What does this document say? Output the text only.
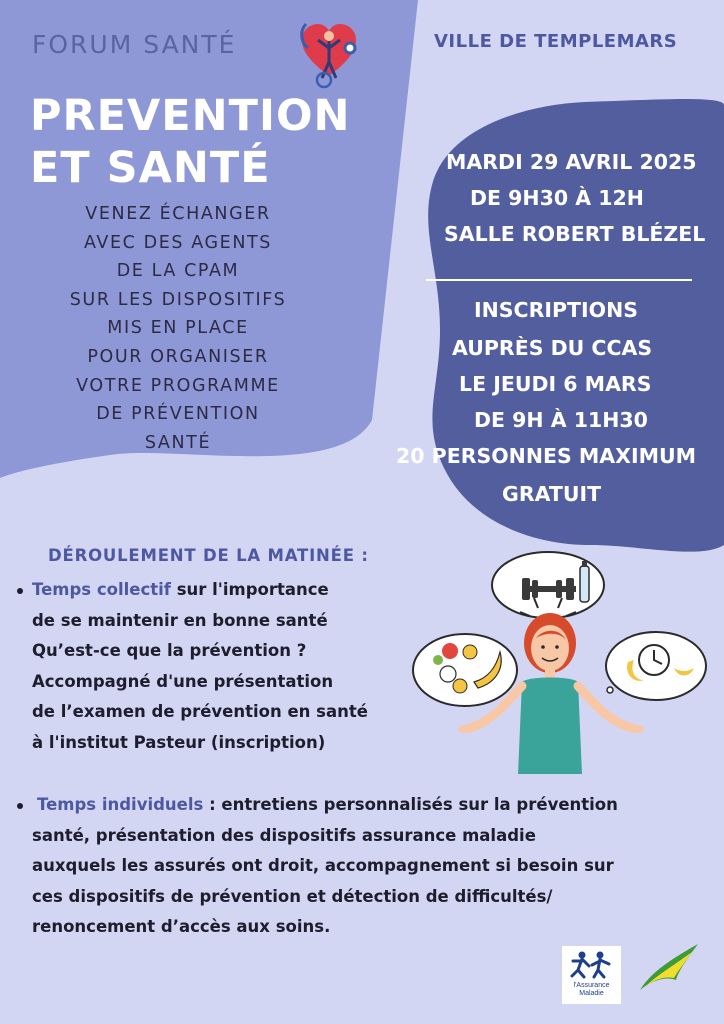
FORUM SANTÉ	VILLE DE TEMPLEMARS
PREVENTION
ET SANTÉ
VENEZ ÉCHANGER
AVEC DES AGENTS
DE LA CPAM
SUR LES DISPOSITIFS
MIS EN PLACE
POUR ORGANISER
VOTRE PROGRAMME
DE PRÉVENTION
SANTÉ
MARDI 29 AVRIL 2025
DE 9H30 À 12H
SALLE ROBERT BLÉZEL
INSCRIPTIONS
AUPRÈS DU CCAS
LE JEUDI 6 MARS
DE 9H À 11H30
20 PERSONNES MAXIMUM
GRATUIT
DÉROULEMENT DE LA MATINÉE :
Temps collectif sur l'importance
de se maintenir en bonne santé
Qu’est-ce que la prévention ?
Accompagné d'une présentation
de l’examen de prévention en santé
à l'institut Pasteur (inscription)
Temps individuels : entretiens personnalisés sur la prévention
santé, présentation des dispositifs assurance maladie
auxquels les assurés ont droit, accompagnement si besoin sur
ces dispositifs de prévention et détection de difficultés/
renoncement d’accès aux soins.
l'Assurance
Maladie
